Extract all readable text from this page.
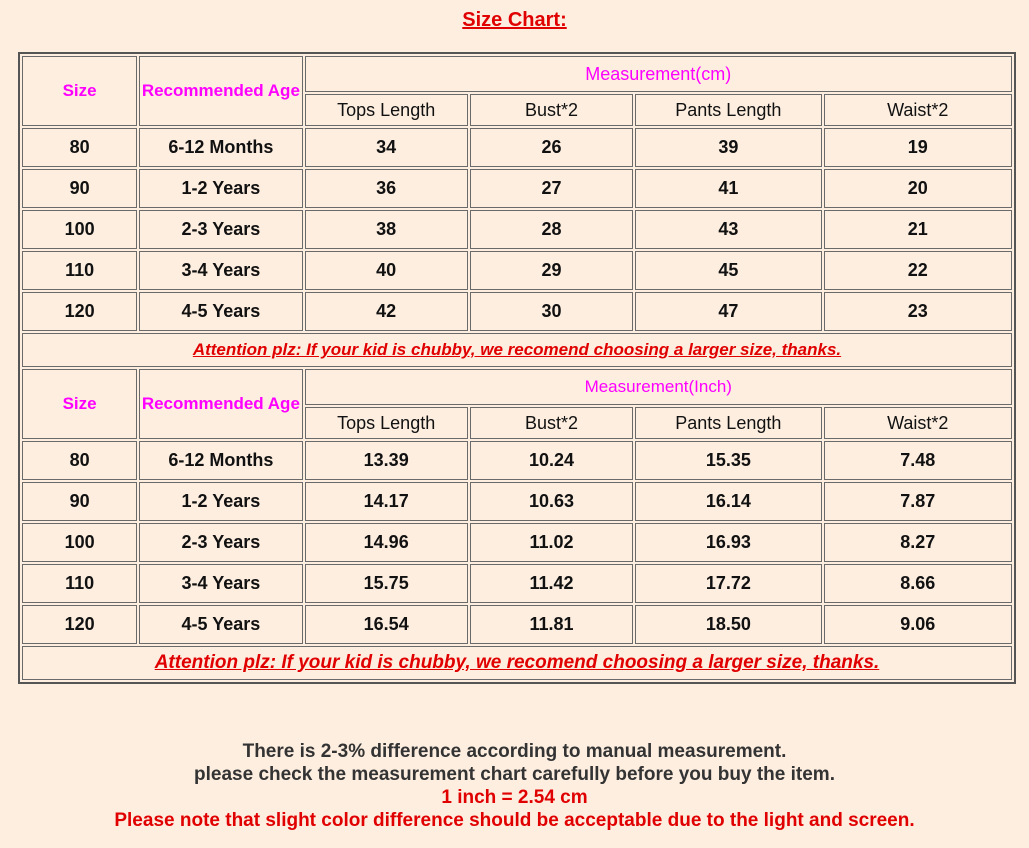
Size Chart:
Size	Recommended Age	Measurement(cm)			
		Tops Length	Bust*2	Pants Length	Waist*2
80	6-12 Months	34	26	39	19
90	1-2 Years	36	27	41	20
100	2-3 Years	38	28	43	21
110	3-4 Years	40	29	45	22
120	4-5 Years	42	30	47	23
Attention plz: If your kid is chubby, we recomend choosing a larger size, thanks.					
Size	Recommended Age	Measurement(Inch)			
		Tops Length	Bust*2	Pants Length	Waist*2
80	6-12 Months	13.39	10.24	15.35	7.48
90	1-2 Years	14.17	10.63	16.14	7.87
100	2-3 Years	14.96	11.02	16.93	8.27
110	3-4 Years	15.75	11.42	17.72	8.66
120	4-5 Years	16.54	11.81	18.50	9.06
Attention plz: If your kid is chubby, we recomend choosing a larger size, thanks.					
There is 2-3% difference according to manual measurement.
please check the measurement chart carefully before you buy the item.
1 inch = 2.54 cm
Please note that slight color difference should be acceptable due to the light and screen.
